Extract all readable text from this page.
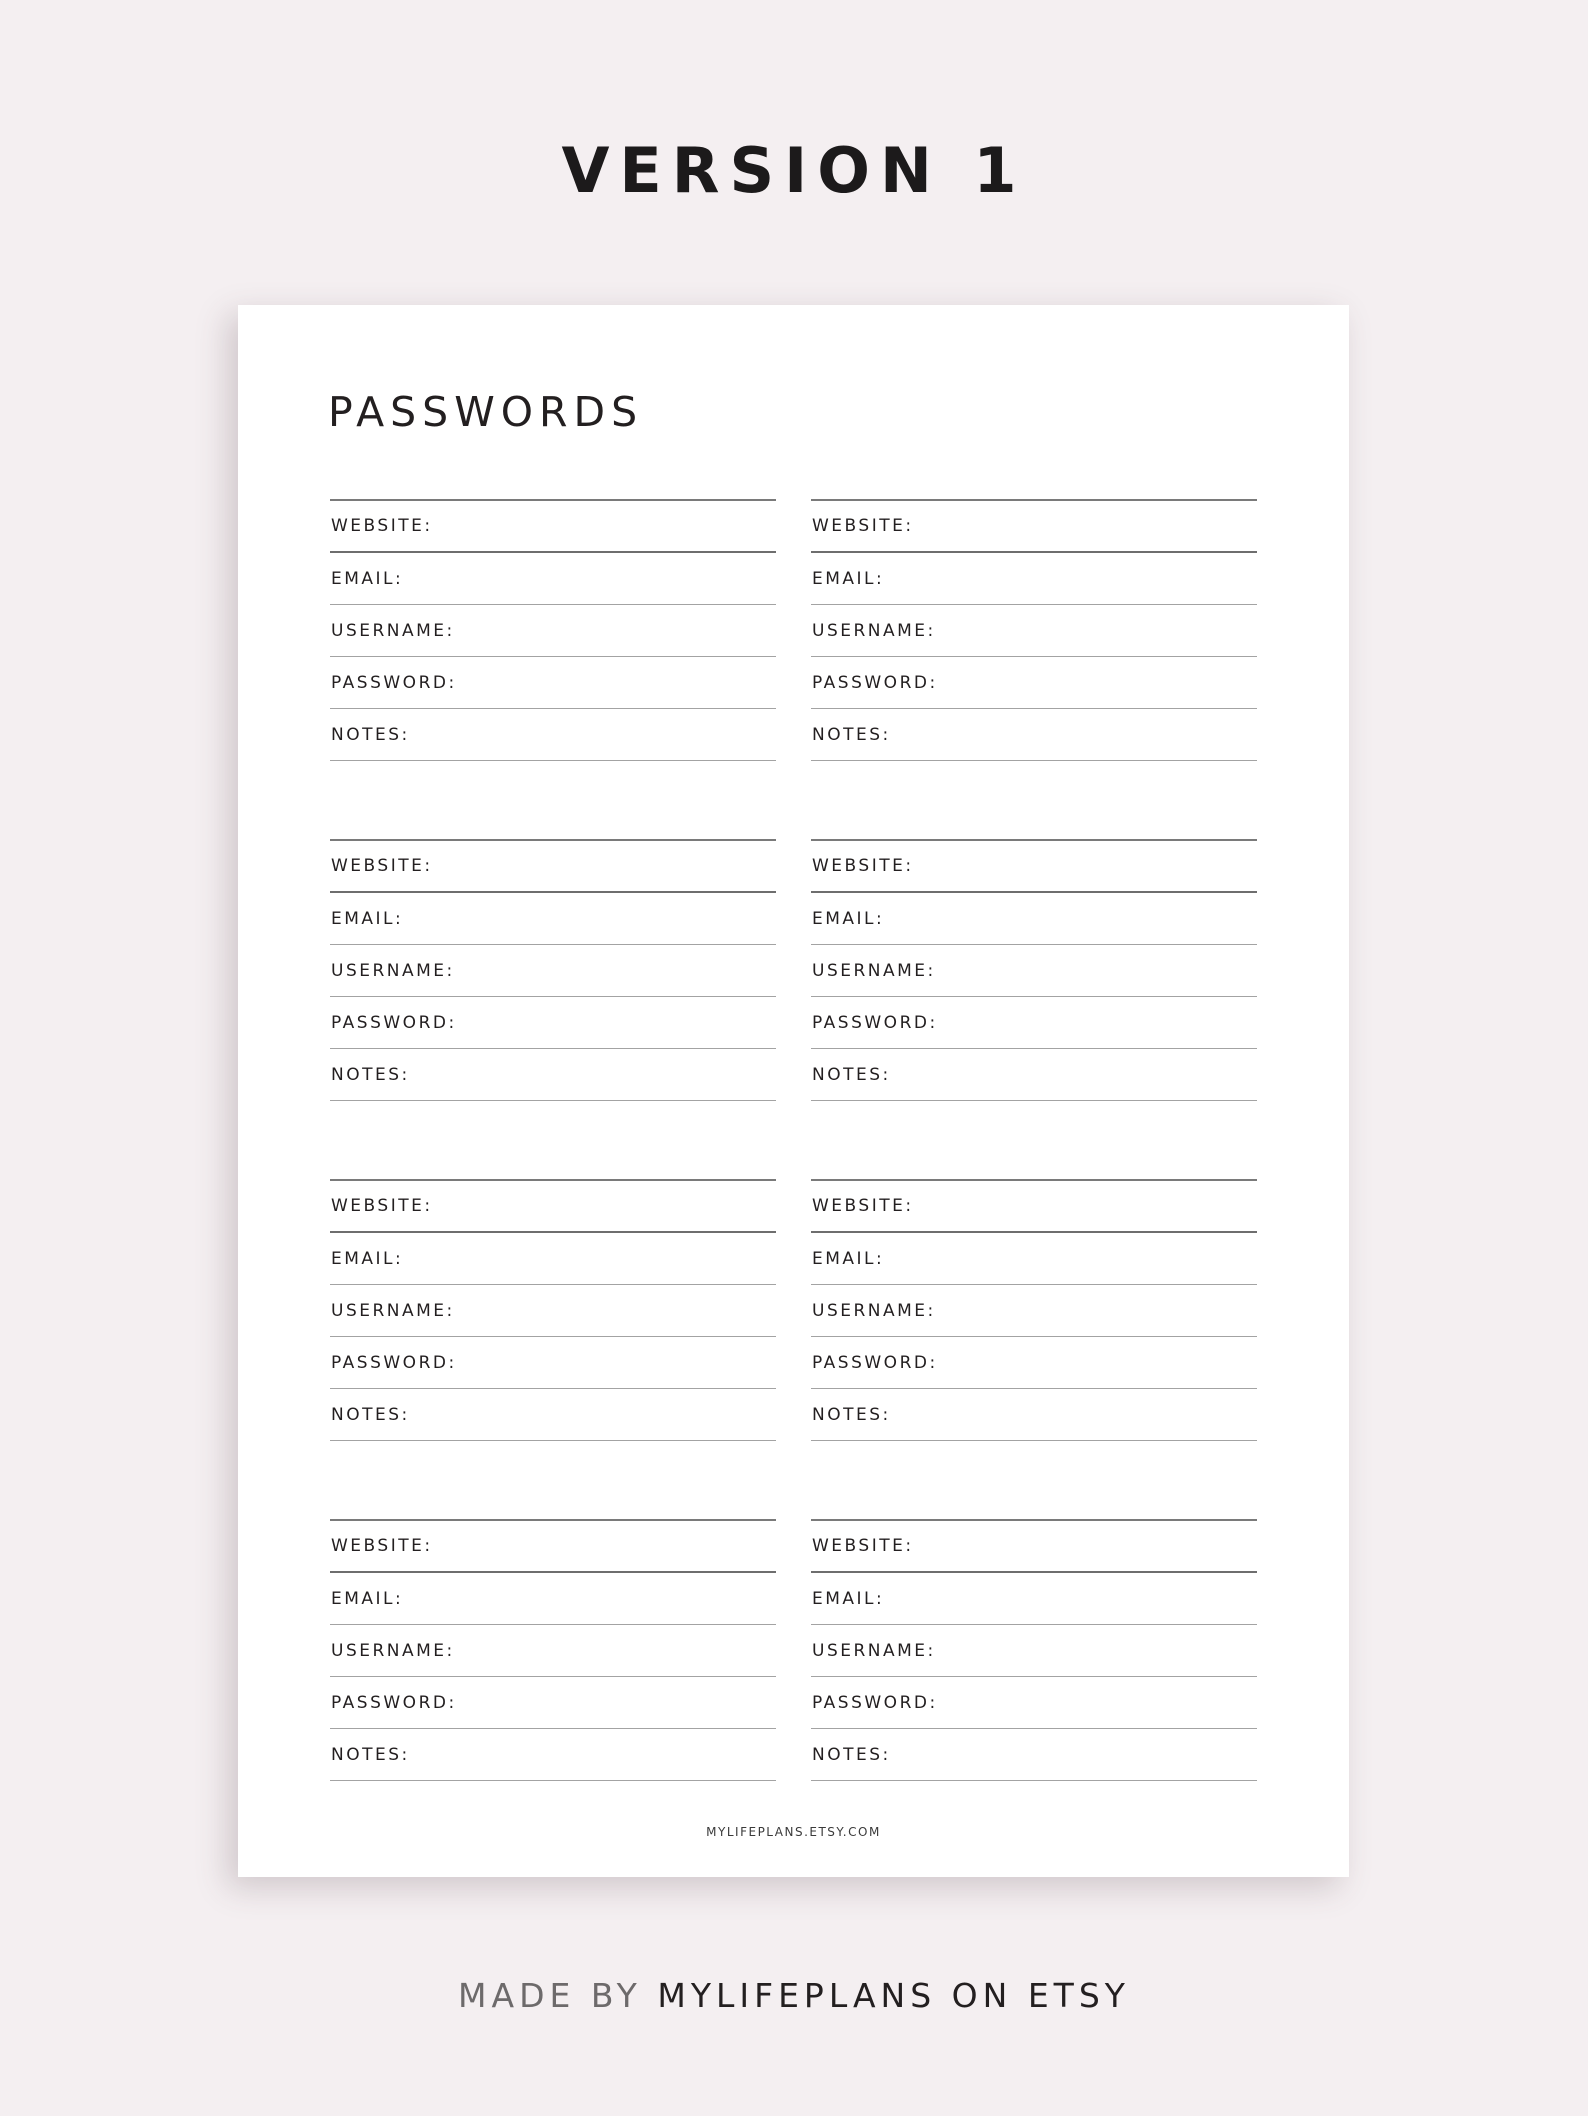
VERSION 1
PASSWORDS
WEBSITE:
EMAIL:
USERNAME:
PASSWORD:
NOTES:
WEBSITE:
EMAIL:
USERNAME:
PASSWORD:
NOTES:
WEBSITE:
EMAIL:
USERNAME:
PASSWORD:
NOTES:
WEBSITE:
EMAIL:
USERNAME:
PASSWORD:
NOTES:
WEBSITE:
EMAIL:
USERNAME:
PASSWORD:
NOTES:
WEBSITE:
EMAIL:
USERNAME:
PASSWORD:
NOTES:
WEBSITE:
EMAIL:
USERNAME:
PASSWORD:
NOTES:
WEBSITE:
EMAIL:
USERNAME:
PASSWORD:
NOTES:
MYLIFEPLANS.ETSY.COM
MADE BY MYLIFEPLANS ON ETSY
